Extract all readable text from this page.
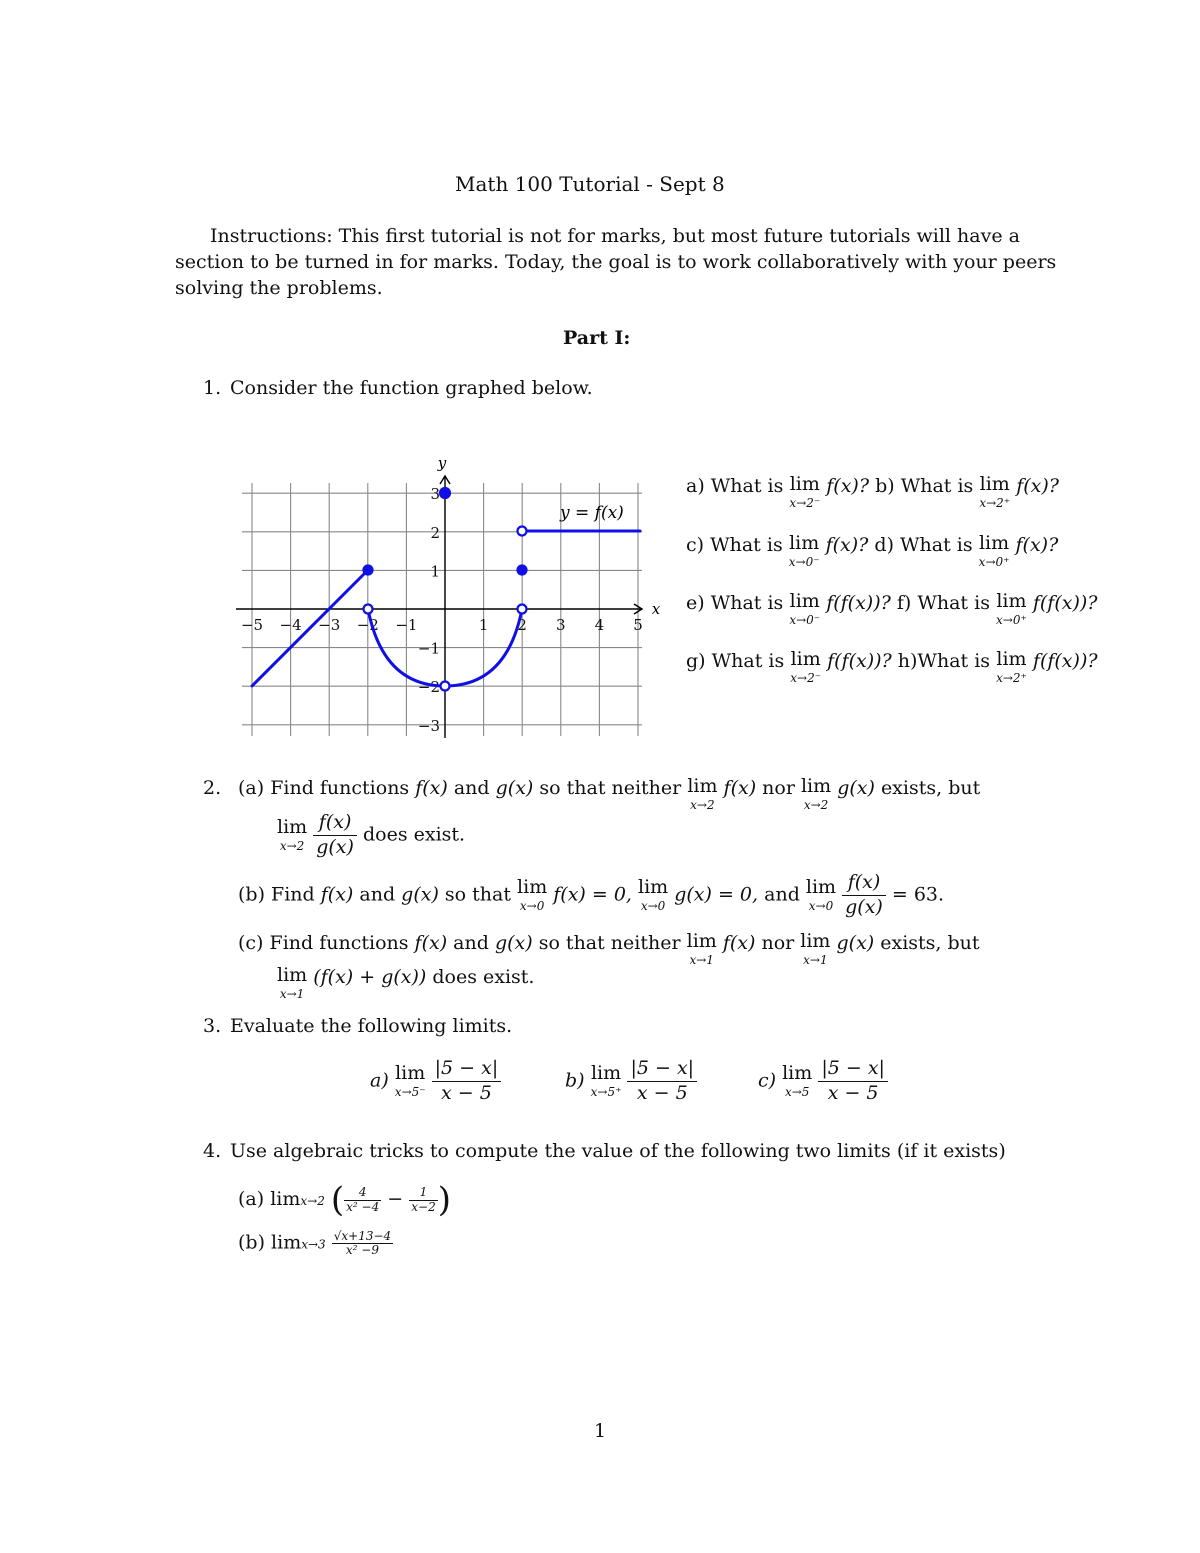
Math 100 Tutorial - Sept 8
Instructions: This first tutorial is not for marks, but most future tutorials will have a
section to be turned in for marks. Today, the goal is to work collaboratively with your peers
solving the problems.
Part I:
1. Consider the function graphed below.
−5 −4 −3 −2 −1	1 2 3 4 5
3
2
1
−1
−2
−3
x
y
y = f(x)
a) What is lim
x→2⁻
f(x)? b) What is lim
x→2⁺
f(x)?
c) What is lim
x→0⁻
f(x)? d) What is lim
x→0⁺
f(x)?
e) What is lim
x→0⁻
f(f(x))? f) What is lim
x→0⁺
f(f(x))?
g) What is lim
x→2⁻
f(f(x))? h)What is lim
x→2⁺
f(f(x))?
2. (a) Find functions f(x) and g(x) so that neither lim
x→2
f(x) nor lim
x→2
g(x) exists, but
lim
x→2
$\frac{f(x)}{g(x)}$ does exist.
(b) Find f(x) and g(x) so that lim
x→0
f(x) = 0, lim
x→0
g(x) = 0, and lim
x→0
$\frac{f(x)}{g(x)} = 63$.
(c) Find functions f(x) and g(x) so that neither lim
x→1
f(x) nor lim
x→1
g(x) exists, but
lim
x→1
(f(x) + g(x)) does exist.
3. Evaluate the following limits.
a) lim
x→5⁻
$\frac{|5 - x|}{x - 5}$	b) lim
x→5⁺
$\frac{|5 - x|}{x - 5}$	c) lim
x→5
$\frac{|5 - x|}{x - 5}$
4. Use algebraic tricks to compute the value of the following two limits (if it exists)
(a) limx→2 ( $\frac{4}{\text{x² −4}} - \frac{1}{x-2}$ )
(b) $\lim x\to 3 \frac{√x+13-4}{\text{x² −9}}$
1
